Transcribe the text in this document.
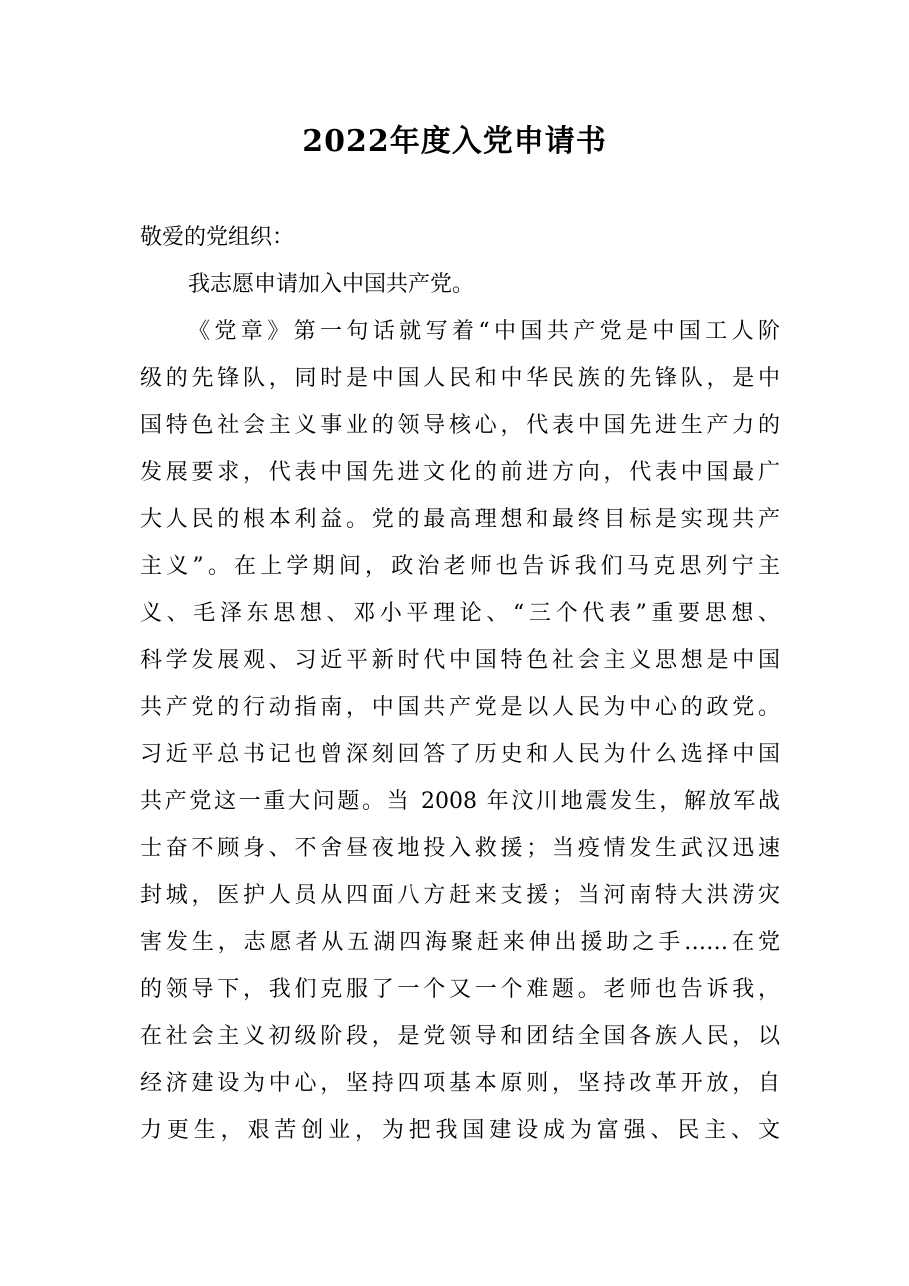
2022年度入党申请书
敬爱的党组织：
我志愿申请加入中国共产党。
《党章》第一句话就写着“中国共产党是中国工人阶
级的先锋队，同时是中国人民和中华民族的先锋队，是中
国特色社会主义事业的领导核心，代表中国先进生产力的
发展要求，代表中国先进文化的前进方向，代表中国最广
大人民的根本利益。党的最高理想和最终目标是实现共产
主义”。在上学期间，政治老师也告诉我们马克思列宁主
义、毛泽东思想、邓小平理论、“三个代表”重要思想、
科学发展观、习近平新时代中国特色社会主义思想是中国
共产党的行动指南，中国共产党是以人民为中心的政党。
习近平总书记也曾深刻回答了历史和人民为什么选择中国
共产党这一重大问题。当 2008 年汶川地震发生，解放军战
士奋不顾身、不舍昼夜地投入救援；当疫情发生武汉迅速
封城，医护人员从四面八方赶来支援；当河南特大洪涝灾
害发生，志愿者从五湖四海聚赶来伸出援助之手……在党
的领导下，我们克服了一个又一个难题。老师也告诉我，
在社会主义初级阶段，是党领导和团结全国各族人民，以
经济建设为中心，坚持四项基本原则，坚持改革开放，自
力更生，艰苦创业，为把我国建设成为富强、民主、文
